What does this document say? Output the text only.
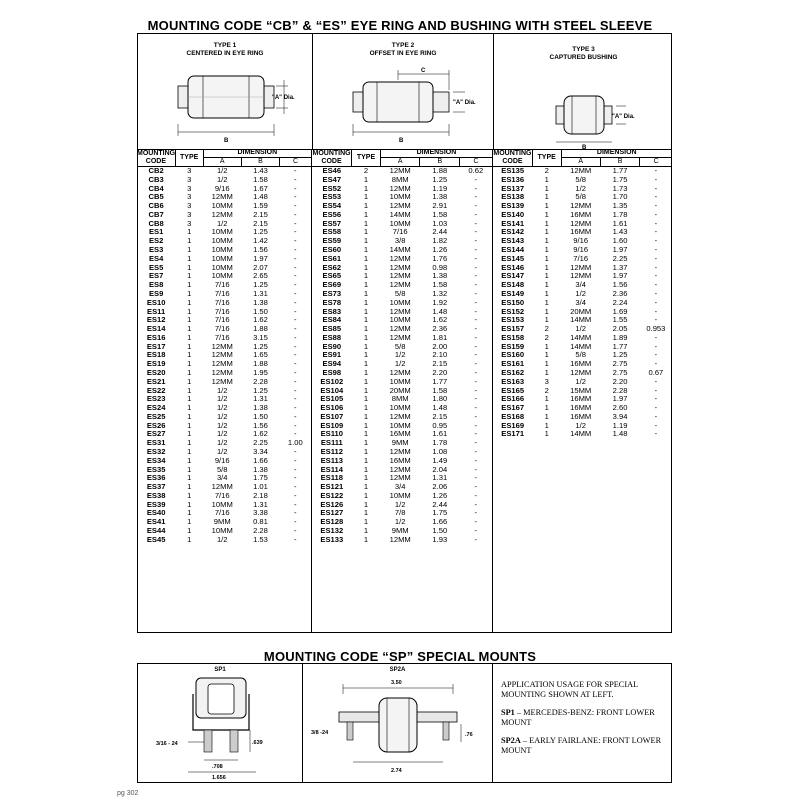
MOUNTING CODE “CB” & “ES” EYE RING AND BUSHING WITH STEEL SLEEVE
TYPE 1
CENTERED IN EYE RING
"A" Dia.
B
TYPE 2
OFFSET IN EYE RING
C
"A" Dia.
B
TYPE 3
CAPTURED BUSHING
"A" Dia.
B
MOUNTING
CODE	TYPE	DIMENSION		
		A	B	C
CB2	3	1/2	1.43	-
CB3	3	1/2	1.58	-
CB4	3	9/16	1.67	-
CB5	3	12MM	1.48	-
CB6	3	10MM	1.59	-
CB7	3	12MM	2.15	-
CB8	3	1/2	2.15	-
ES1	1	10MM	1.25	-
ES2	1	10MM	1.42	-
ES3	1	10MM	1.56	-
ES4	1	10MM	1.97	-
ES5	1	10MM	2.07	-
ES7	1	10MM	2.65	-
ES8	1	7/16	1.25	-
ES9	1	7/16	1.31	-
ES10	1	7/16	1.38	-
ES11	1	7/16	1.50	-
ES12	1	7/16	1.62	-
ES14	1	7/16	1.88	-
ES16	1	7/16	3.15	-
ES17	1	12MM	1.25	-
ES18	1	12MM	1.65	-
ES19	1	12MM	1.88	-
ES20	1	12MM	1.95	-
ES21	1	12MM	2.28	-
ES22	1	1/2	1.25	-
ES23	1	1/2	1.31	-
ES24	1	1/2	1.38	-
ES25	1	1/2	1.50	-
ES26	1	1/2	1.56	-
ES27	1	1/2	1.62	-
ES31	1	1/2	2.25	1.00
ES32	1	1/2	3.34	-
ES34	1	9/16	1.66	-
ES35	1	5/8	1.38	-
ES36	1	3/4	1.75	-
ES37	1	12MM	1.01	-
ES38	1	7/16	2.18	-
ES39	1	10MM	1.31	-
ES40	1	7/16	3.38	-
ES41	1	9MM	0.81	-
ES44	1	10MM	2.28	-
ES45	1	1/2	1.53	-
MOUNTING
CODE	TYPE	DIMENSION		
		A	B	C
ES46	2	12MM	1.88	0.62
ES47	1	8MM	1.25	-
ES52	1	12MM	1.19	-
ES53	1	10MM	1.38	-
ES54	1	12MM	2.91	-
ES56	1	14MM	1.58	-
ES57	1	10MM	1.03	-
ES58	1	7/16	2.44	-
ES59	1	3/8	1.82	-
ES60	1	14MM	1.26	-
ES61	1	12MM	1.76	-
ES62	1	12MM	0.98	-
ES65	1	12MM	1.38	-
ES69	1	12MM	1.58	-
ES73	1	5/8	1.32	-
ES78	1	10MM	1.92	-
ES83	1	12MM	1.48	-
ES84	1	10MM	1.62	-
ES85	1	12MM	2.36	-
ES88	1	12MM	1.81	-
ES90	1	5/8	2.00	-
ES91	1	1/2	2.10	-
ES94	1	1/2	2.15	-
ES98	1	12MM	2.20	-
ES102	1	10MM	1.77	-
ES104	1	20MM	1.58	-
ES105	1	8MM	1.80	-
ES106	1	10MM	1.48	-
ES107	1	12MM	2.15	-
ES109	1	10MM	0.95	-
ES110	1	16MM	1.61	-
ES111	1	9MM	1.78	-
ES112	1	12MM	1.08	-
ES113	1	16MM	1.49	-
ES114	1	12MM	2.04	-
ES118	1	12MM	1.31	-
ES121	1	3/4	2.06	-
ES122	1	10MM	1.26	-
ES126	1	1/2	2.44	-
ES127	1	7/8	1.75	-
ES128	1	1/2	1.66	-
ES132	1	9MM	1.50	-
ES133	1	12MM	1.93	-
MOUNTING
CODE	TYPE	DIMENSION		
		A	B	C
ES135	2	12MM	1.77	-
ES136	1	5/8	1.75	-
ES137	1	1/2	1.73	-
ES138	1	5/8	1.70	-
ES139	1	12MM	1.35	-
ES140	1	16MM	1.78	-
ES141	1	12MM	1.61	-
ES142	1	16MM	1.43	-
ES143	1	9/16	1.60	-
ES144	1	9/16	1.97	-
ES145	1	7/16	2.25	-
ES146	1	12MM	1.37	-
ES147	1	12MM	1.97	-
ES148	1	3/4	1.56	-
ES149	1	1/2	2.36	-
ES150	1	3/4	2.24	-
ES152	1	20MM	1.69	-
ES153	1	14MM	1.55	-
ES157	2	1/2	2.05	0.953
ES158	2	14MM	1.89	-
ES159	1	14MM	1.77	-
ES160	1	5/8	1.25	-
ES161	1	16MM	2.75	-
ES162	1	12MM	2.75	0.67
ES163	3	1/2	2.20	-
ES165	2	15MM	2.28	-
ES166	1	16MM	1.97	-
ES167	1	16MM	2.60	-
ES168	1	16MM	3.94	-
ES169	1	1/2	1.19	-
ES171	1	14MM	1.48	-
MOUNTING CODE “SP” SPECIAL MOUNTS
SP1
3/16 - 24	.639
.708
1.656
SP2A
3.50
3/8 -24	.76
2.74

APPLICATION USAGE FOR SPECIAL MOUNTING SHOWN AT LEFT.

SP1 – MERCEDES-BENZ: FRONT LOWER MOUNT

SP2A – EARLY FAIRLANE: FRONT LOWER MOUNT

pg 302
